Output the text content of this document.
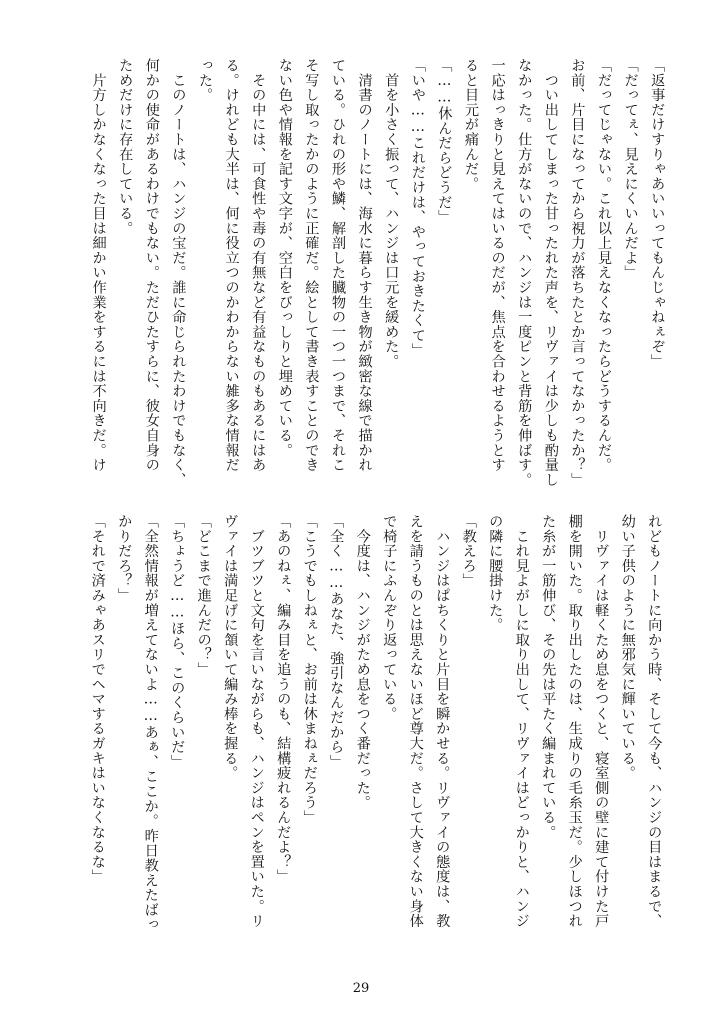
「返事だけすりゃあいいってもんじゃねぇぞ」
「だってぇ、見えにくいんだよ」
「だってじゃない。これ以上見えなくなったらどうするんだ。
お前、片目になってから視力が落ちたとか言ってなかったか？」
　つい出してしまった甘ったれた声を、リヴァイは少しも酌量し
なかった。仕方がないので、ハンジは一度ピンと背筋を伸ばす。
一応はっきりと見えてはいるのだが、焦点を合わせるようとす
ると目元が痛んだ。
「……休んだらどうだ」
「いや……これだけは、やっておきたくて」
　首を小さく振って、ハンジは口元を緩めた。
　清書のノートには、海水に暮らす生き物が緻密な線で描かれ
ている。ひれの形や鱗、解剖した臓物の一つ一つまで、それこ
そ写し取ったかのように正確だ。絵として書き表すことのでき
ない色や情報を記す文字が、空白をびっしりと埋めている。
　その中には、可食性や毒の有無など有益なものもあるにはあ
る。けれども大半は、何に役立つのかわからない雑多な情報だ
った。
　このノートは、ハンジの宝だ。誰に命じられたわけでもなく、
何かの使命があるわけでもない。ただひたすらに、彼女自身の
ためだけに存在している。
　片方しかなくなった目は細かい作業をするには不向きだ。け
れどもノートに向かう時、そして今も、ハンジの目はまるで、
幼い子供のように無邪気に輝いている。
　リヴァイは軽くため息をつくと、寝室側の壁に建て付けた戸
棚を開いた。取り出したのは、生成りの毛糸玉だ。少しほつれ
た糸が一筋伸び、その先は平たく編まれている。
　これ見よがしに取り出して、リヴァイはどっかりと、ハンジ
の隣に腰掛けた。
「教えろ」
　ハンジはぱちくりと片目を瞬かせる。リヴァイの態度は、教
えを請うものとは思えないほど尊大だ。さして大きくない身体
で椅子にふんぞり返っている。
　今度は、ハンジがため息をつく番だった。
「全く……あなた、強引なんだから」
「こうでもしねぇと、お前は休まねぇだろう」
「あのねぇ、編み目を追うのも、結構疲れるんだよ？」
　ブツブツと文句を言いながらも、ハンジはペンを置いた。リ
ヴァイは満足げに頷いて編み棒を握る。
「どこまで進んだの？」
「ちょうど……ほら、このくらいだ」
「全然情報が増えてないよ……あぁ、ここか。昨日教えたばっ
かりだろ？」
「それで済みゃあスリでヘマするガキはいなくなるな」
29
